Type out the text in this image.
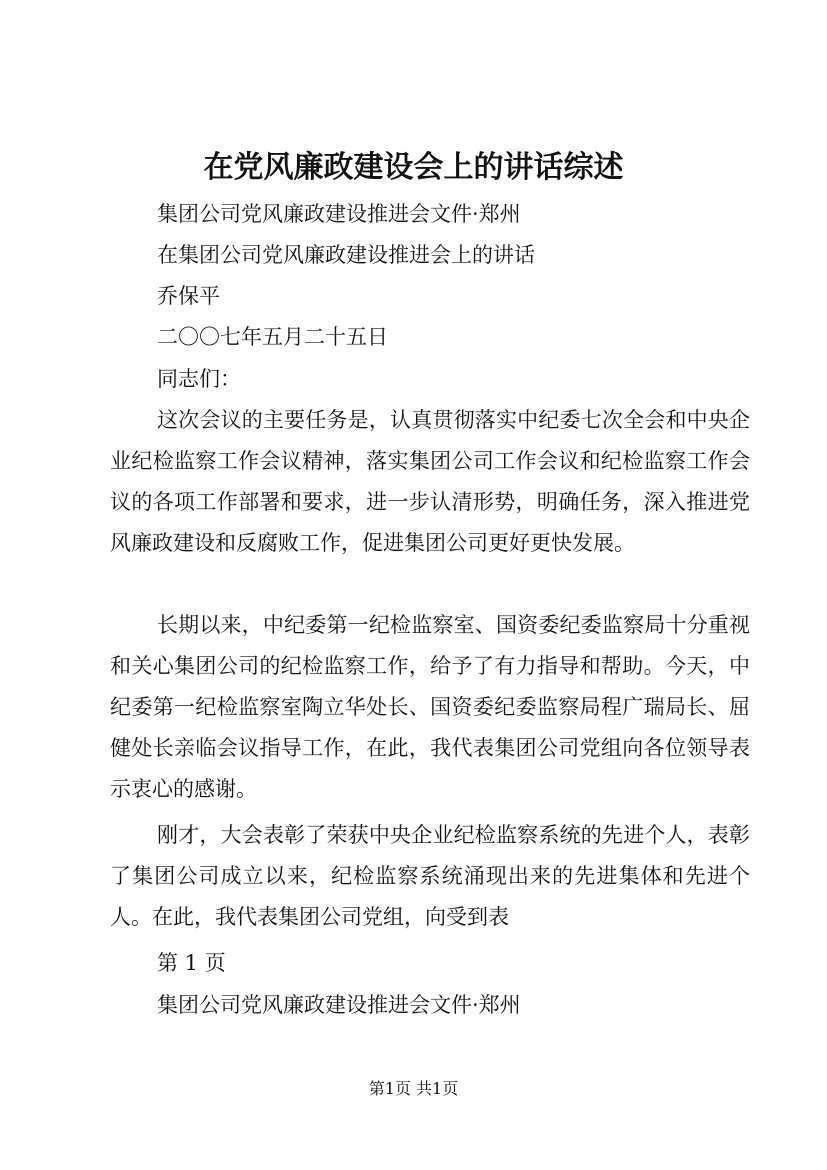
在党风廉政建设会上的讲话综述
集团公司党风廉政建设推进会文件·郑州
在集团公司党风廉政建设推进会上的讲话
乔保平
二〇〇七年五月二十五日
同志们：

这次会议的主要任务是，认真贯彻落实中纪委七次全会和中央企业纪检监察工作会议精神，落实集团公司工作会议和纪检监察工作会议的各项工作部署和要求，进一步认清形势，明确任务，深入推进党风廉政建设和反腐败工作，促进集团公司更好更快发展。

长期以来，中纪委第一纪检监察室、国资委纪委监察局十分重视和关心集团公司的纪检监察工作，给予了有力指导和帮助。今天，中纪委第一纪检监察室陶立华处长、国资委纪委监察局程广瑞局长、屈健处长亲临会议指导工作，在此，我代表集团公司党组向各位领导表示衷心的感谢。

刚才，大会表彰了荣获中央企业纪检监察系统的先进个人，表彰了集团公司成立以来，纪检监察系统涌现出来的先进集体和先进个人。在此，我代表集团公司党组，向受到表

第 1 页
集团公司党风廉政建设推进会文件·郑州
第1页 共1页
